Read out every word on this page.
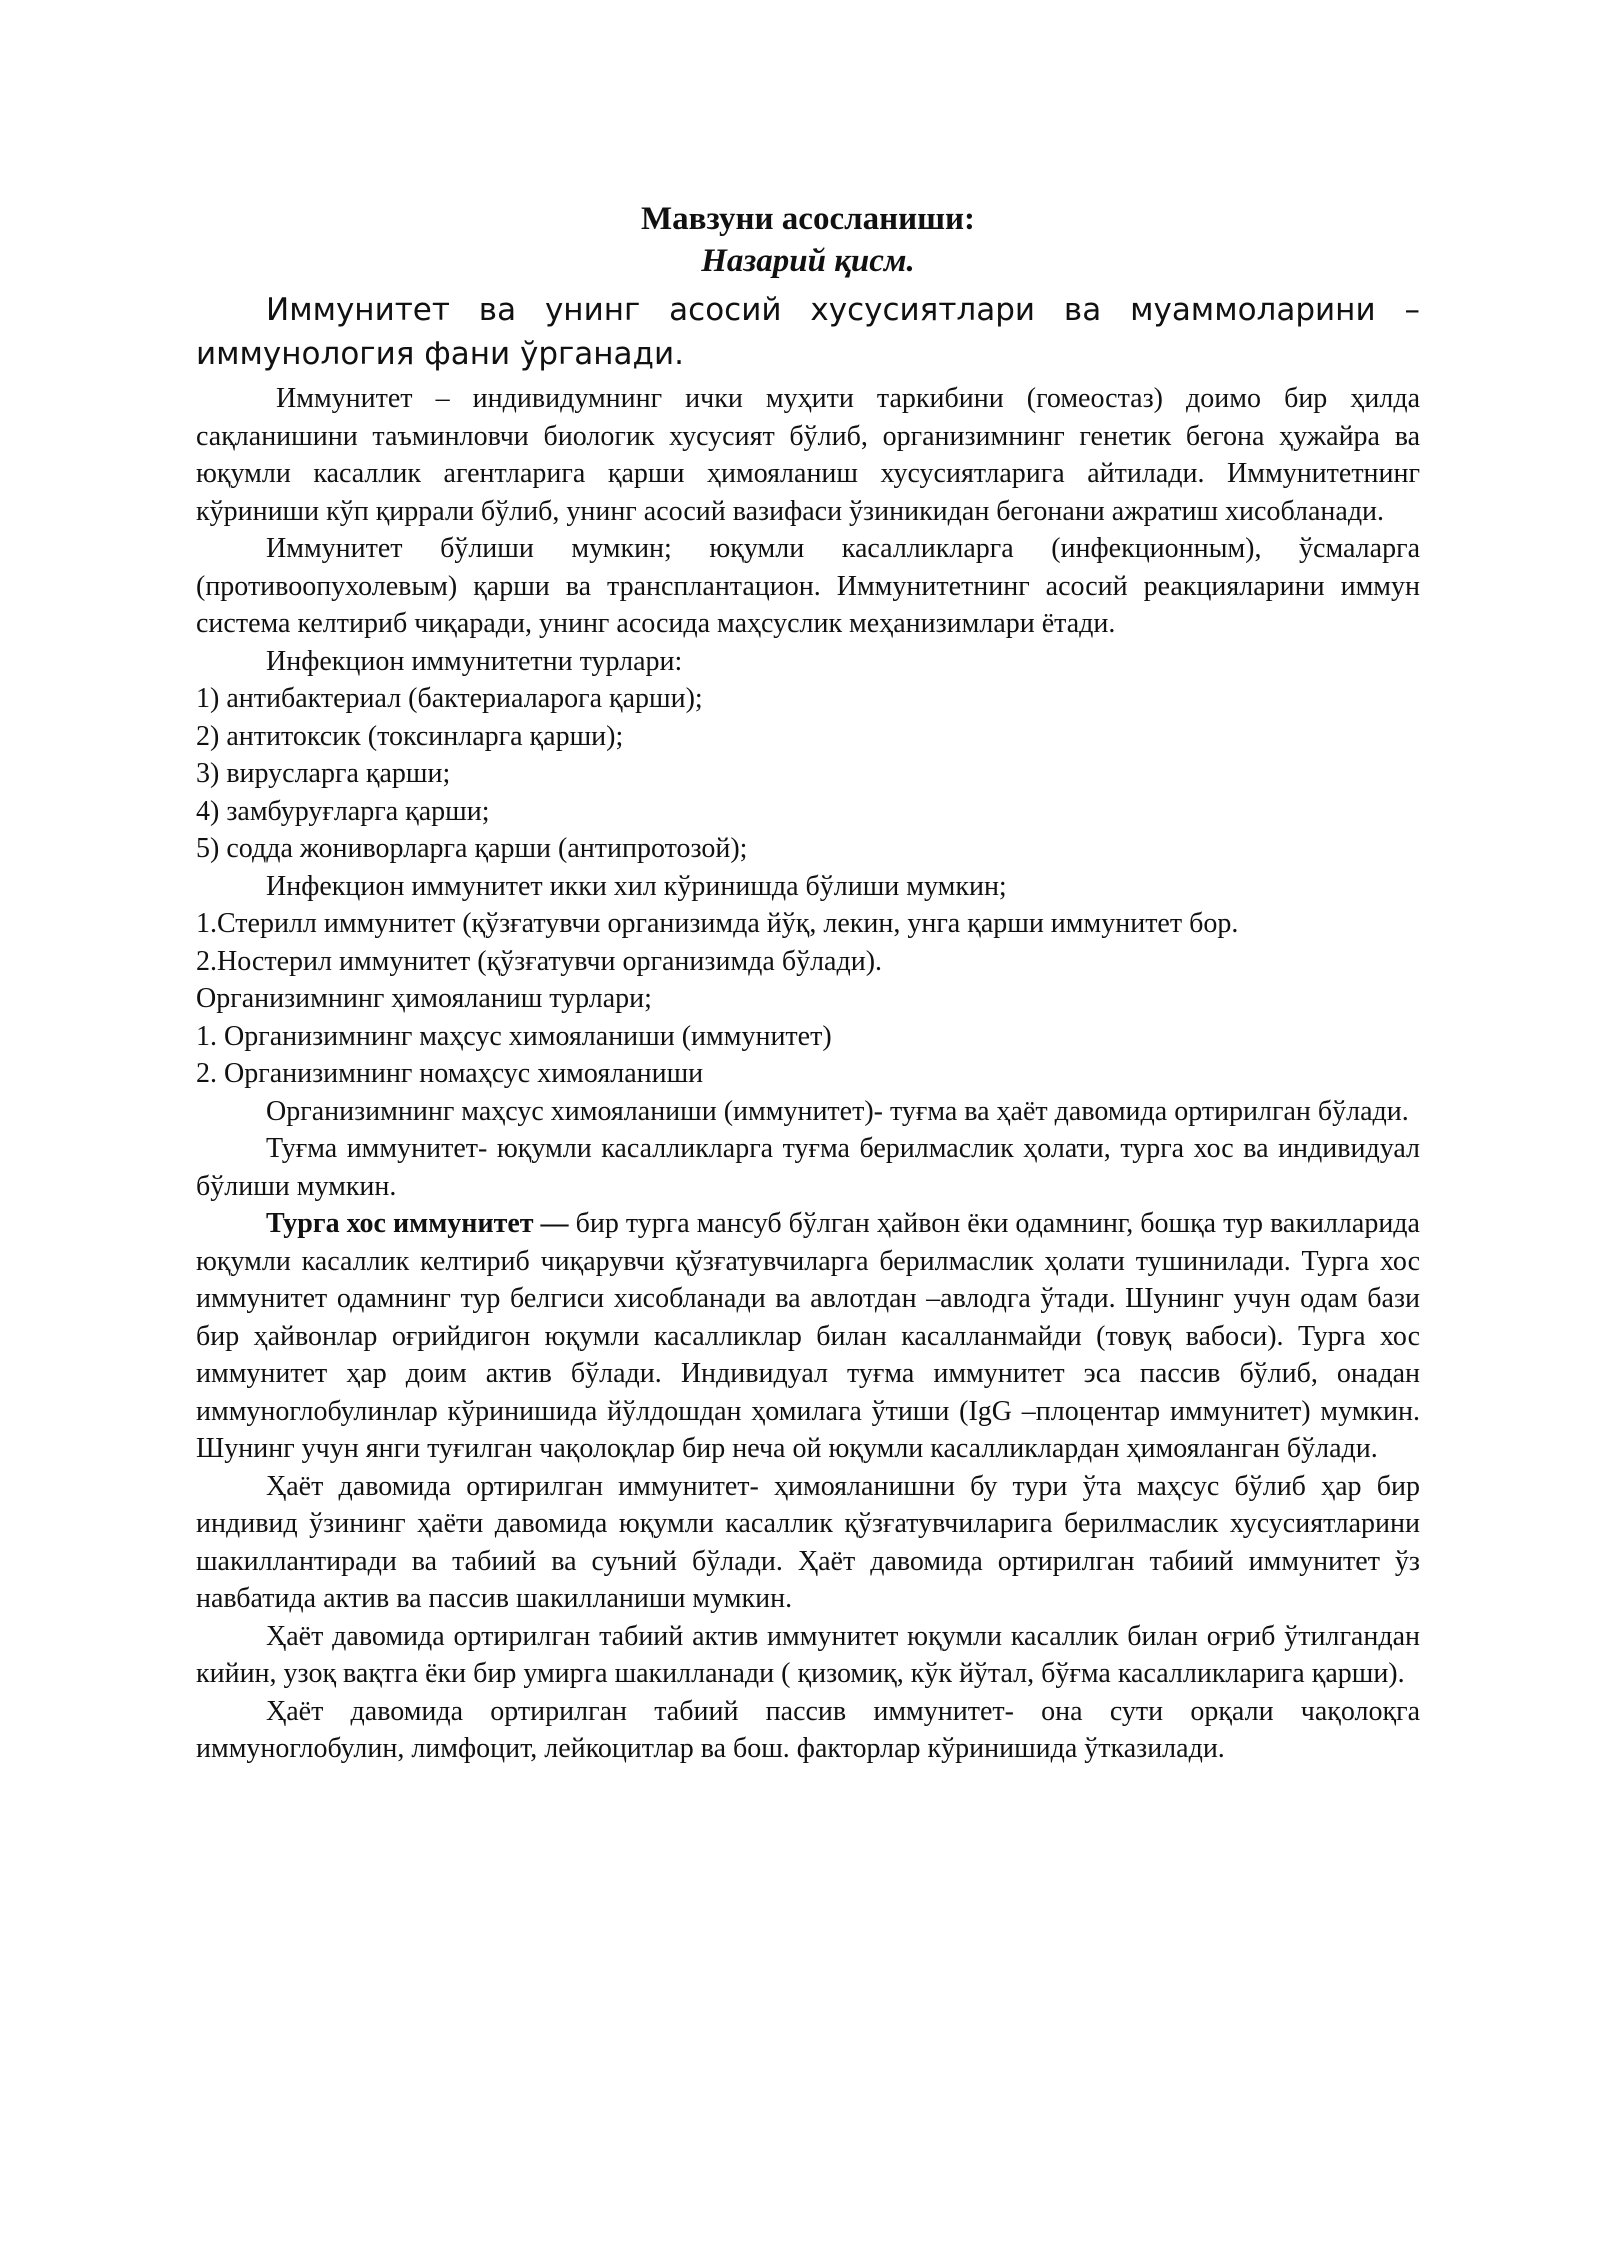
Мавзуни асосланиши:
Назарий қисм.

Иммунитет ва унинг асосий хусусиятлари ва муаммоларини – иммунология фани ўрганади.

Иммунитет – индивидумнинг ички муҳити таркибини (гомеостаз) доимо бир ҳилда сақланишини таъминловчи биологик хусусият бўлиб, организимнинг генетик бегона ҳужайра ва юқумли касаллик агентларига қарши ҳимояланиш хусусиятларига айтилади. Иммунитетнинг кўриниши кўп қиррали бўлиб, унинг асосий вазифаси ўзиникидан бегонани ажратиш хисобланади.

Иммунитет бўлиши мумкин; юқумли касалликларга (инфекционным), ўсмаларга (противоопухолевым) қарши ва трансплантацион. Иммунитетнинг асосий реакцияларини иммун система келтириб чиқаради, унинг асосида маҳсуслик меҳанизимлари ётади.

Инфекцион иммунитетни турлари:

1) антибактериал (бактериаларога қарши);

2) антитоксик (токсинларга қарши);

3) вирусларга қарши;

4) замбуруғларга қарши;

5) содда жониворларга қарши (антипротозой);

Инфекцион иммунитет икки хил кўринишда бўлиши мумкин;

1.Стерилл иммунитет (қўзғатувчи организимда йўқ, лекин, унга қарши иммунитет бор.

2.Ностерил иммунитет (қўзғатувчи организимда бўлади).

Организимнинг ҳимояланиш турлари;

1. Организимнинг маҳсус химояланиши (иммунитет)

2. Организимнинг номаҳсус химояланиши

Организимнинг маҳсус химояланиши (иммунитет)- туғма ва ҳаёт давомида ортирилган бўлади.

Туғма иммунитет- юқумли касалликларга туғма берилмаслик ҳолати, турга хос ва индивидуал бўлиши мумкин.

Турга хос иммунитет — бир турга мансуб бўлган ҳайвон ёки одамнинг, бошқа тур вакилларида юқумли касаллик келтириб чиқарувчи қўзғатувчиларга берилмаслик ҳолати тушинилади. Турга хос иммунитет одамнинг тур белгиси хисобланади ва авлотдан –авлодга ўтади. Шунинг учун одам бази бир ҳайвонлар оғрийдигон юқумли касалликлар билан касалланмайди (товуқ вабоси). Турга хос иммунитет ҳар доим актив бўлади. Индивидуал туғма иммунитет эса пассив бўлиб, онадан иммуноглобулинлар кўринишида йўлдошдан ҳомилага ўтиши (IgG –плоцентар иммунитет) мумкин. Шунинг учун янги туғилган чақолоқлар бир неча ой юқумли касалликлардан ҳимояланган бўлади.

Ҳаёт давомида ортирилган иммунитет- ҳимояланишни бу тури ўта маҳсус бўлиб ҳар бир индивид ўзининг ҳаёти давомида юқумли касаллик қўзғатувчиларига берилмаслик хусусиятларини шакиллантиради ва табиий ва суъний бўлади. Ҳаёт давомида ортирилган табиий иммунитет ўз навбатида актив ва пассив шакилланиши мумкин.

Ҳаёт давомида ортирилган табиий актив иммунитет юқумли касаллик билан оғриб ўтилгандан кийин, узоқ вақтга ёки бир умирга шакилланади ( қизомиқ, кўк йўтал, бўғма касалликларига қарши).

Ҳаёт давомида ортирилган табиий пассив иммунитет- она сути орқали чақолоқга иммуноглобулин, лимфоцит, лейкоцитлар ва бош. факторлар кўринишида ўтказилади.
